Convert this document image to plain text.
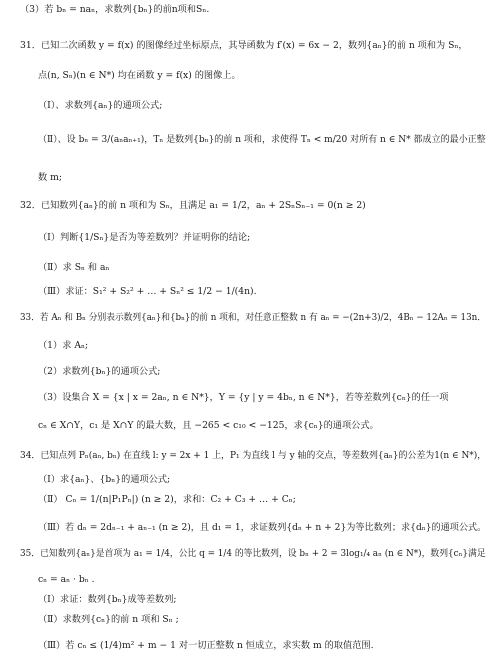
（3）若 bₙ = naₙ，求数列{bₙ}的前n项和Sₙ.
31．已知二次函数 y = f(x) 的图像经过坐标原点，其导函数为 f′(x) = 6x − 2，数列{aₙ}的前 n 项和为 Sₙ，
点(n, Sₙ)(n ∈ N*) 均在函数 y = f(x) 的图像上。
（Ⅰ）、求数列{aₙ}的通项公式;
（Ⅱ）、设 bₙ = 3/(aₙaₙ₊₁)，Tₙ 是数列{bₙ}的前 n 项和，求使得 Tₙ < m/20 对所有 n ∈ N* 都成立的最小正整
数 m;
32．已知数列{aₙ}的前 n 项和为 Sₙ，且满足 a₁ = 1/2，aₙ + 2SₙSₙ₋₁ = 0(n ≥ 2)
（Ⅰ）判断{1/Sₙ}是否为等差数列？并证明你的结论;
（Ⅱ）求 Sₙ 和 aₙ
（Ⅲ）求证：S₁² + S₂² + … + Sₙ² ≤ 1/2 − 1/(4n).
33．若 Aₙ 和 Bₙ 分别表示数列{aₙ}和{bₙ}的前 n 项和，对任意正整数 n 有 aₙ = −(2n+3)/2，4Bₙ − 12Aₙ = 13n．
（1）求 Aₙ;
（2）求数列{bₙ}的通项公式;
（3）设集合 X = {x | x = 2aₙ, n ∈ N*}，Y = {y | y = 4bₙ, n ∈ N*}，若等差数列{cₙ}的任一项
cₙ ∈ X∩Y，c₁ 是 X∩Y 的最大数，且 −265 < c₁₀ < −125，求{cₙ}的通项公式。
34．已知点列 Pₙ(aₙ, bₙ) 在直线 l: y = 2x + 1 上，P₁ 为直线 l 与 y 轴的交点，等差数列{aₙ}的公差为1(n ∈ N*)，
（Ⅰ）求{aₙ}、{bₙ}的通项公式;
（Ⅱ） Cₙ = 1/(n|P₁Pₙ|) (n ≥ 2)，求和：C₂ + C₃ + … + Cₙ;
（Ⅲ）若 dₙ = 2dₙ₋₁ + aₙ₋₁ (n ≥ 2)，且 d₁ = 1，求证数列{dₙ + n + 2}为等比数列；求{dₙ}的通项公式。
35．已知数列{aₙ}是首项为 a₁ = 1/4，公比 q = 1/4 的等比数列，设 bₙ + 2 = 3log₁/₄ aₙ (n ∈ N*)，数列{cₙ}满足
cₙ = aₙ · bₙ .
（Ⅰ）求证：数列{bₙ}成等差数列;
（Ⅱ）求数列{cₙ}的前 n 项和 Sₙ ;
（Ⅲ）若 cₙ ≤ (1/4)m² + m − 1 对一切正整数 n 恒成立，求实数 m 的取值范围.
